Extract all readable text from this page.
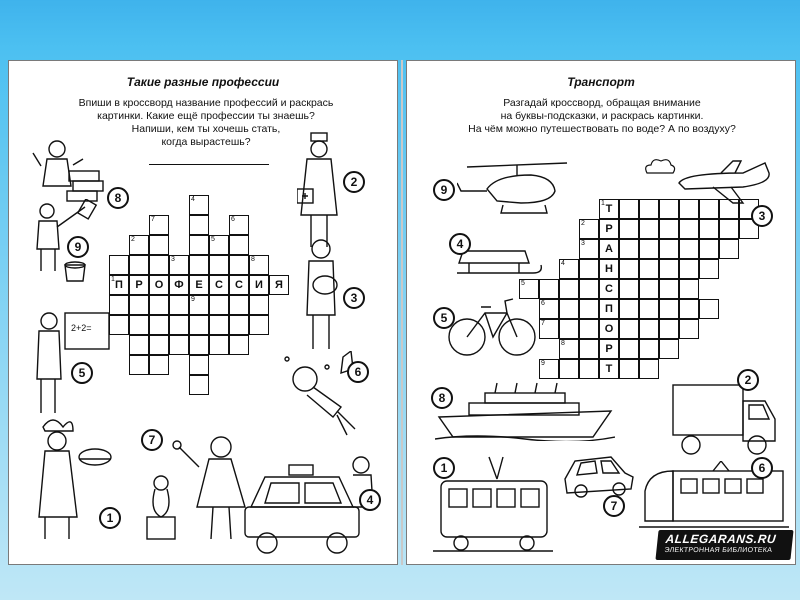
Такие разные профессии
Впиши в кроссворд название профессий и раскрась
картинки. Какие ещё профессии ты знаешь?
Напиши, кем ты хочешь стать,
когда вырастешь?
П	Р	О	Ф	Е	С	С	И	Я
1
3
2
4
5
6
7
8
9
2+2=
8
2
9
3
5	6
7
4
1
Транспорт
Разгадай кроссворд, обращая внимание
на буквы-подсказки, и раскрась картинки.
На чём можно путешествовать по воде? А по воздуху?
Т
1
Р
2
А
3
Н
4
С
5
П
6
О
7
Р
8
Т
9
9
3
4
5
2
8
1
7
6
ALLEGARANS.RU
ЭЛЕКТРОННАЯ БИБЛИОТЕКА
